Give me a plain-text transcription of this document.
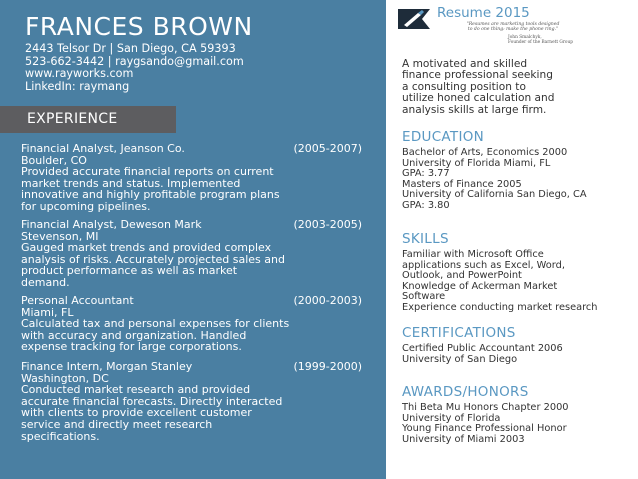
FRANCES BROWN
2443 Telsor Dr | San Diego, CA 59393
523-662-3442 | raygsando@gmail.com
www.rayworks.com
LinkedIn: raymang
EXPERIENCE
Financial Analyst, Jeanson Co.	(2005-2007)
Boulder, CO
Provided accurate financial reports on current
market trends and status. Implemented
innovative and highly profitable program plans
for upcoming pipelines.
Financial Analyst, Deweson Mark	(2003-2005)
Stevenson, MI
Gauged market trends and provided complex
analysis of risks. Accurately projected sales and
product performance as well as market
demand.
Personal Accountant	(2000-2003)
Miami, FL
Calculated tax and personal expenses for clients
with accuracy and organization. Handled
expense tracking for large corporations.
Finance Intern, Morgan Stanley	(1999-2000)
Washington, DC
Conducted market research and provided
accurate financial forecasts. Directly interacted
with clients to provide excellent customer
service and directly meet research
specifications.
Resume 2015
"Resumes are marketing tools designed
to do one thing: make the phone ring."
John Smalchyk,
Founder of the Barnett Group
A motivated and skilled
finance professional seeking
a consulting position to
utilize honed calculation and
analysis skills at large firm.
EDUCATION
Bachelor of Arts, Economics 2000
University of Florida Miami, FL
GPA: 3.77
Masters of Finance 2005
University of California San Diego, CA
GPA: 3.80
SKILLS
Familiar with Microsoft Office
applications such as Excel, Word,
Outlook, and PowerPoint
Knowledge of Ackerman Market
Software
Experience conducting market research
CERTIFICATIONS
Certified Public Accountant 2006
University of San Diego
AWARDS/HONORS
Thi Beta Mu Honors Chapter 2000
University of Florida
Young Finance Professional Honor
University of Miami 2003
